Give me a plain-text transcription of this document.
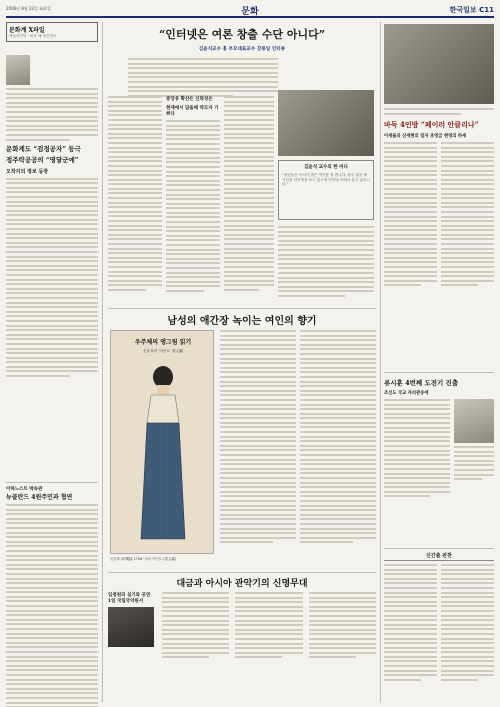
2006년 8월 22일 화요일	문화	한국일보 C11
문화계 X파일
예술의전당 · 최종 배 최신정보
문화계도 “검정공자” 등극
정주락공공의 “영달군에”
오작지의 정보 등장
이하느스트 박속관
뉴클란드 4원주민과 협연
“인터넷은 여론 창출 수단 아니다”
김윤식교수 홍 부모대표교수 강통일 인터뷰
중앙유 확산은 신뢰성은
현재에서 답을때 약모자 기쁘다
김윤식 교수의 한 마디
“청년들은 독서가 많은 여가를 잘 씁니다. 하루 평균 세 시간을 인터넷을 보고 있으며 인터넷 속에서 살고 있습니다.”
남성의 애간장 녹이는 여인의 향기
우주체의 앵그림 읽기
신윤복의 ‘미인도’ 美人圖
신윤복 (申潤福 1758~?)의 미인도 (美人圖)
대금과 아시아 관악기의 신명무대
임청원의 실기와 공연
1일 국립국악원서
바둑 4인방 “페이러 안클리나”
이세돌과 신세현의 일자 초영급 현영의 하세
류시훈 4번째 도전기 진출
조선도 국교 자리관송에
신간출 판찬
